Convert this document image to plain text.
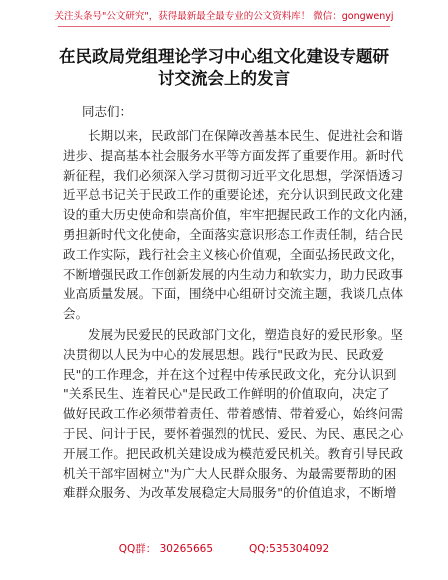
关注头条号"公文研究"，获得最新最全最专业的公文资料库！ 微信：gongwenyj
在民政局党组理论学习中心组文化建设专题研
讨交流会上的发言
同志们：
长期以来，民政部门在保障改善基本民生、促进社会和谐
进步、提高基本社会服务水平等方面发挥了重要作用。新时代
新征程，我们必须深入学习贯彻习近平文化思想，学深悟透习
近平总书记关于民政工作的重要论述，充分认识到民政文化建
设的重大历史使命和崇高价值，牢牢把握民政工作的文化内涵，
勇担新时代文化使命，全面落实意识形态工作责任制，结合民
政工作实际，践行社会主义核心价值观，全面弘扬民政文化，
不断增强民政工作创新发展的内生动力和软实力，助力民政事
业高质量发展。下面，围绕中心组研讨交流主题，我谈几点体
会。
发展为民爱民的民政部门文化，塑造良好的爱民形象。坚
决贯彻以人民为中心的发展思想。践行"民政为民、民政爱
民"的工作理念，并在这个过程中传承民政文化，充分认识到
"关系民生、连着民心"是民政工作鲜明的价值取向，决定了
做好民政工作必须带着责任、带着感情、带着爱心，始终问需
于民、问计于民，要怀着强烈的忧民、爱民、为民、惠民之心
开展工作。把民政机关建设成为模范爱民机关。教育引导民政
机关干部牢固树立"为广大人民群众服务、为最需要帮助的困
难群众服务、为改革发展稳定大局服务"的价值追求，不断增
QQ群： 30265665	QQ:535304092
